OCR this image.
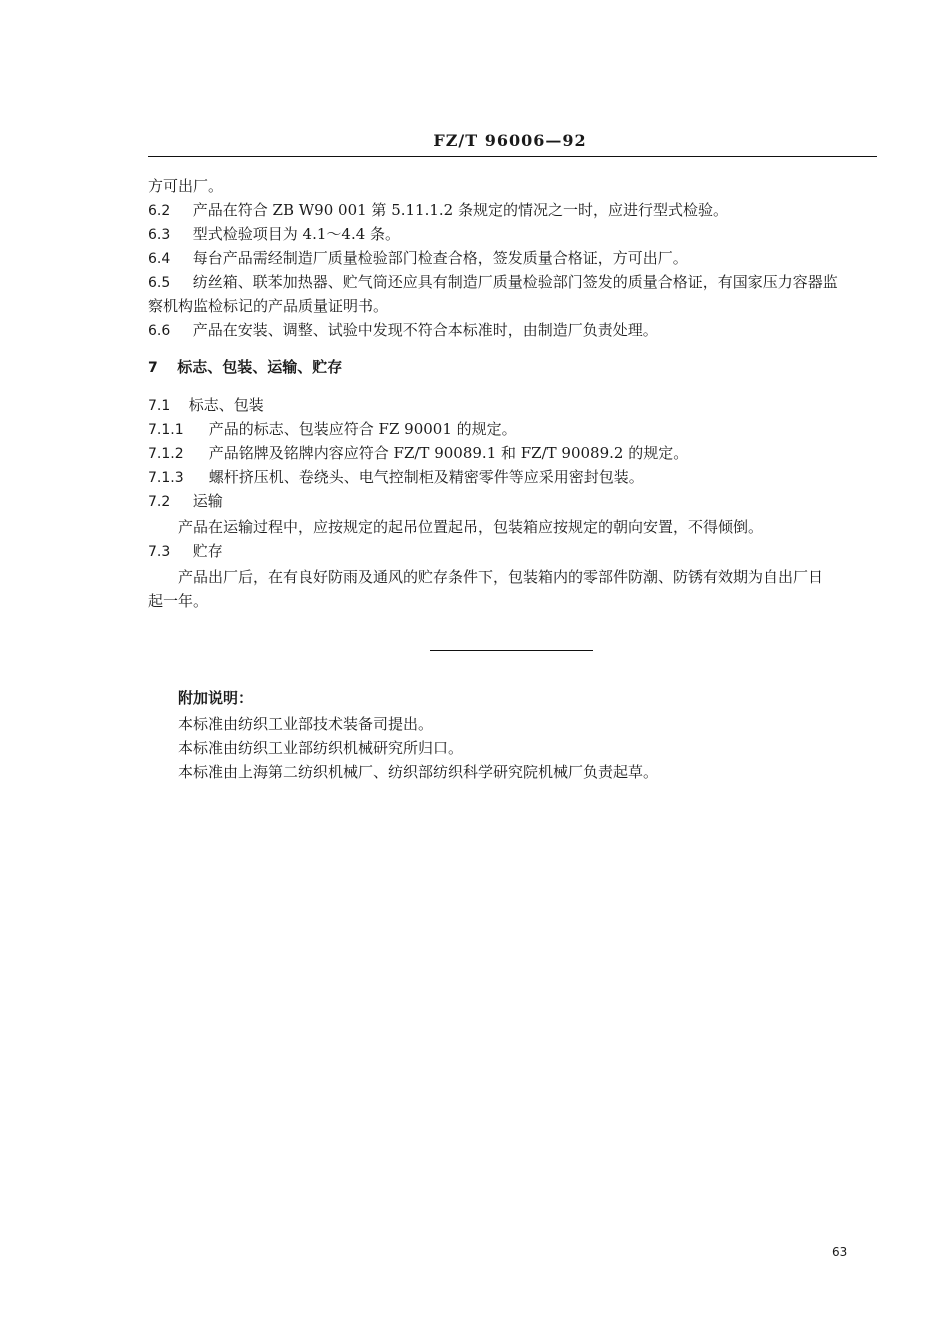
FZ/T 96006—92
方可出厂。
6.2 产品在符合 ZB W90 001 第 5.11.1.2 条规定的情况之一时，应进行型式检验。
6.3 型式检验项目为 4.1～4.4 条。
6.4 每台产品需经制造厂质量检验部门检查合格，签发质量合格证，方可出厂。
6.5 纺丝箱、联苯加热器、贮气筒还应具有制造厂质量检验部门签发的质量合格证，有国家压力容器监
察机构监检标记的产品质量证明书。
6.6 产品在安装、调整、试验中发现不符合本标准时，由制造厂负责处理。
7 标志、包装、运输、贮存
7.1 标志、包装
7.1.1 产品的标志、包装应符合 FZ 90001 的规定。
7.1.2 产品铭牌及铭牌内容应符合 FZ/T 90089.1 和 FZ/T 90089.2 的规定。
7.1.3 螺杆挤压机、卷绕头、电气控制柜及精密零件等应采用密封包装。
7.2 运输
产品在运输过程中，应按规定的起吊位置起吊，包装箱应按规定的朝向安置，不得倾倒。
7.3 贮存
产品出厂后，在有良好防雨及通风的贮存条件下，包装箱内的零部件防潮、防锈有效期为自出厂日
起一年。
附加说明：
本标准由纺织工业部技术装备司提出。
本标准由纺织工业部纺织机械研究所归口。
本标准由上海第二纺织机械厂、纺织部纺织科学研究院机械厂负责起草。
63
